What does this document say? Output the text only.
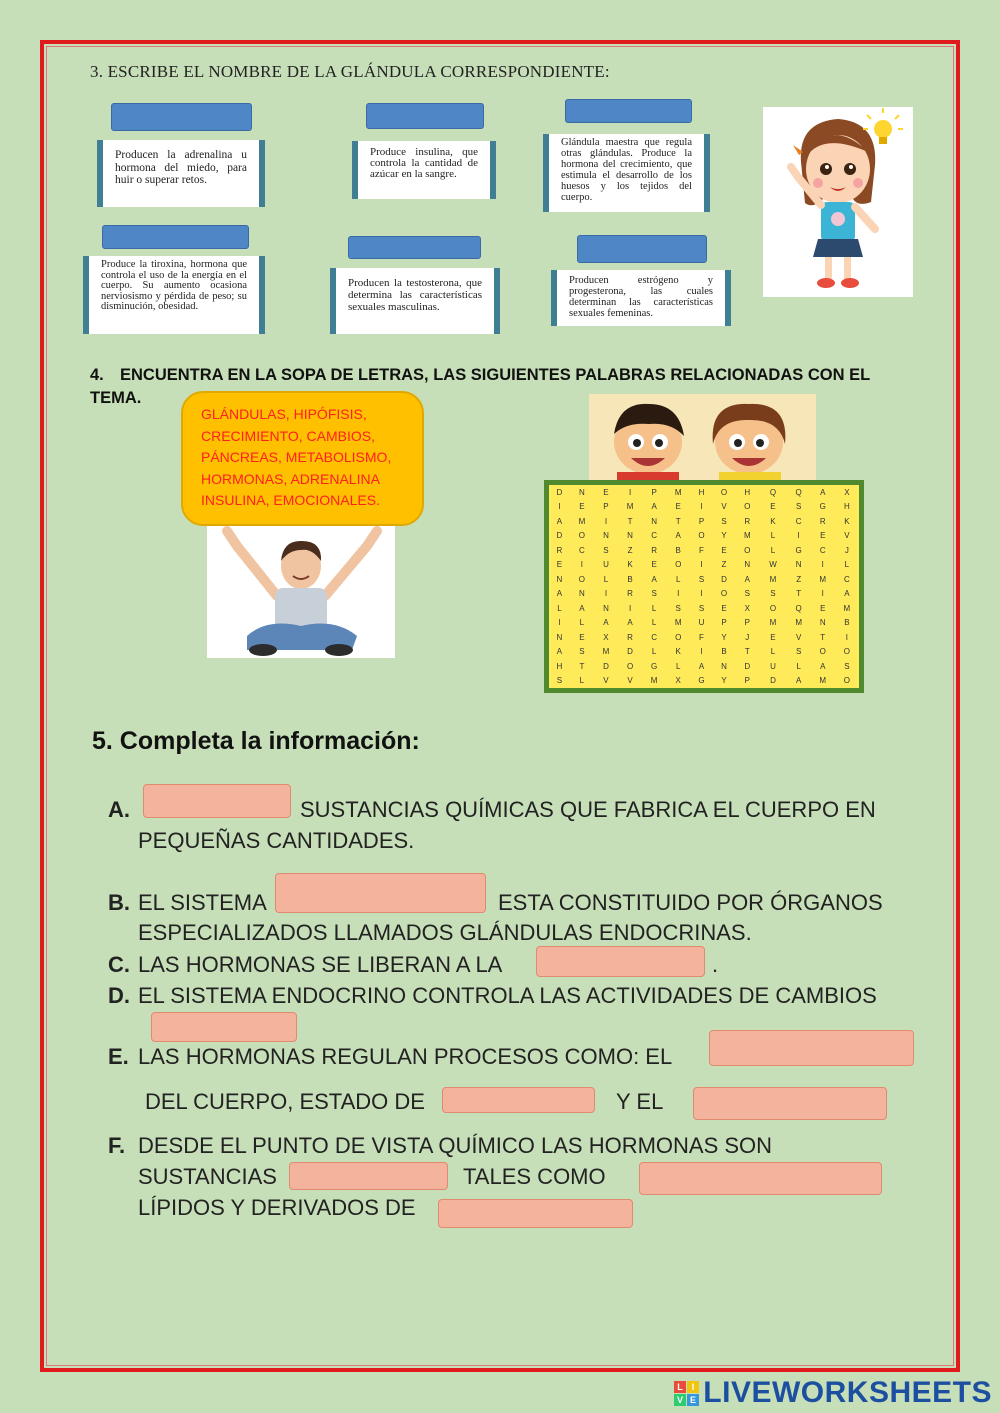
3. ESCRIBE EL NOMBRE DE LA GLÁNDULA CORRESPONDIENTE:
Producen la adrenalina u hormona del miedo, para huir o superar retos.
Produce insulina, que controla la cantidad de azúcar en la sangre.
Glándula maestra que regula otras glándulas. Produce la hormona del crecimiento, que estimula el desarrollo de los huesos y los tejidos del cuerpo.
Produce la tiroxina, hormona que controla el uso de la energía en el cuerpo. Su aumento ocasiona nerviosismo y pérdida de peso; su disminución, obesidad.
Producen la testosterona, que determina las características sexuales masculinas.
Producen estrógeno y progesterona, las cuales determinan las características sexuales femeninas.
4. ENCUENTRA EN LA SOPA DE LETRAS, LAS SIGUIENTES PALABRAS RELACIONADAS CON EL TEMA.
GLÁNDULAS, HIPÓFISIS,
CRECIMIENTO, CAMBIOS,
PÁNCREAS, METABOLISMO,
HORMONAS, ADRENALINA
INSULINA, EMOCIONALES.	D	N	E	I	P	M	H	O	H	Q	Q	A	X
I	E	P	M	A	E	I	V	O	E	S	G	H
A	M	I	T	N	T	P	S	R	K	C	R	K
D	O	N	N	C	A	O	Y	M	L	I	E	V
R	C	S	Z	R	B	F	E	O	L	G	C	J
E	I	U	K	E	O	I	Z	N	W	N	I	L
N	O	L	B	A	L	S	D	A	M	Z	M	C
A	N	I	R	S	I	I	O	S	S	T	I	A
L	A	N	I	L	S	S	E	X	O	Q	E	M
I	L	A	A	L	M	U	P	P	M	M	N	B
N	E	X	R	C	O	F	Y	J	E	V	T	I
A	S	M	D	L	K	I	B	T	L	S	O	O
H	T	D	O	G	L	A	N	D	U	L	A	S
S	L	V	V	M	X	G	Y	P	D	A	M	O
5. Completa la información:
A.	SUSTANCIAS QUÍMICAS QUE FABRICA EL CUERPO EN
PEQUEÑAS CANTIDADES.
B. EL SISTEMA	ESTA CONSTITUIDO POR ÓRGANOS
ESPECIALIZADOS LLAMADOS GLÁNDULAS ENDOCRINAS.
C. LAS HORMONAS SE LIBERAN A LA	.
D. EL SISTEMA ENDOCRINO CONTROLA LAS ACTIVIDADES DE CAMBIOS
E. LAS HORMONAS REGULAN PROCESOS COMO: EL
DEL CUERPO, ESTADO DE	Y EL
F. DESDE EL PUNTO DE VISTA QUÍMICO LAS HORMONAS SON
SUSTANCIAS	TALES COMO
LÍPIDOS Y DERIVADOS DE
L I
V E LIVEWORKSHEETS
